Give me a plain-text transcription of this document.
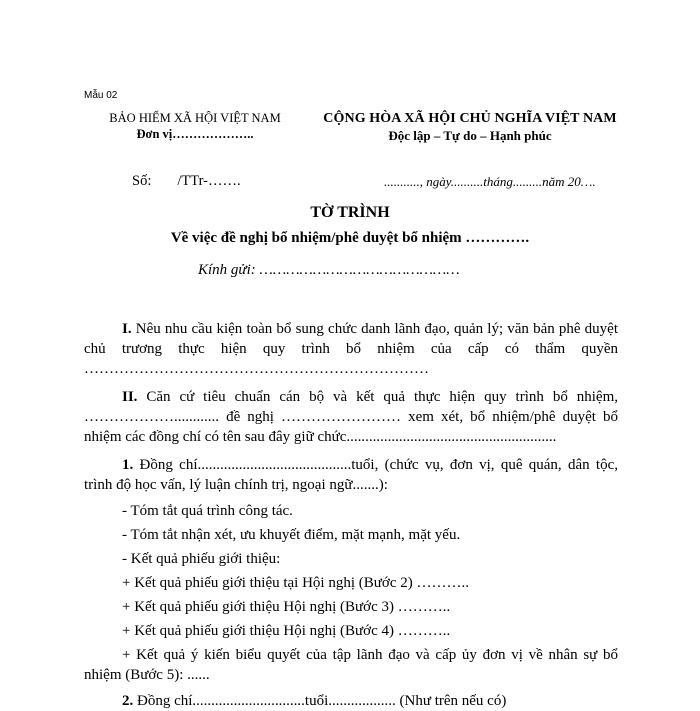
Mẫu 02
BẢO HIỂM XÃ HỘI VIỆT NAM
Đơn vị………………..
CỘNG HÒA XÃ HỘI CHỦ NGHĨA VIỆT NAM
Độc lập – Tự do – Hạnh phúc
Số: /TTr-…….	..........., ngày..........tháng.........năm 20….
TỜ TRÌNH
Về việc đề nghị bổ nhiệm/phê duyệt bổ nhiệm ………….
Kính gửi: ………………………………………

I. Nêu nhu cầu kiện toàn bổ sung chức danh lãnh đạo, quản lý; văn bản phê duyệt chủ trương thực hiện quy trình bổ nhiệm của cấp có thẩm quyền ……………………………………………………………

II. Căn cứ tiêu chuẩn cán bộ và kết quả thực hiện quy trình bổ nhiệm, ………………............ đề nghị …………………… xem xét, bổ nhiệm/phê duyệt bổ nhiệm các đồng chí có tên sau đây giữ chức........................................................

1. Đồng chí.........................................tuổi, (chức vụ, đơn vị, quê quán, dân tộc, trình độ học vấn, lý luận chính trị, ngoại ngữ.......):

- Tóm tắt quá trình công tác.

- Tóm tắt nhận xét, ưu khuyết điểm, mặt mạnh, mặt yếu.

- Kết quả phiếu giới thiệu:

+ Kết quả phiếu giới thiệu tại Hội nghị (Bước 2) ………..

+ Kết quả phiếu giới thiệu Hội nghị (Bước 3) ………..

+ Kết quả phiếu giới thiệu Hội nghị (Bước 4) ………..

+ Kết quả ý kiến biểu quyết của tập lãnh đạo và cấp ủy đơn vị về nhân sự bổ nhiệm (Bước 5): ......

2. Đồng chí..............................tuổi.................. (Như trên nếu có)
